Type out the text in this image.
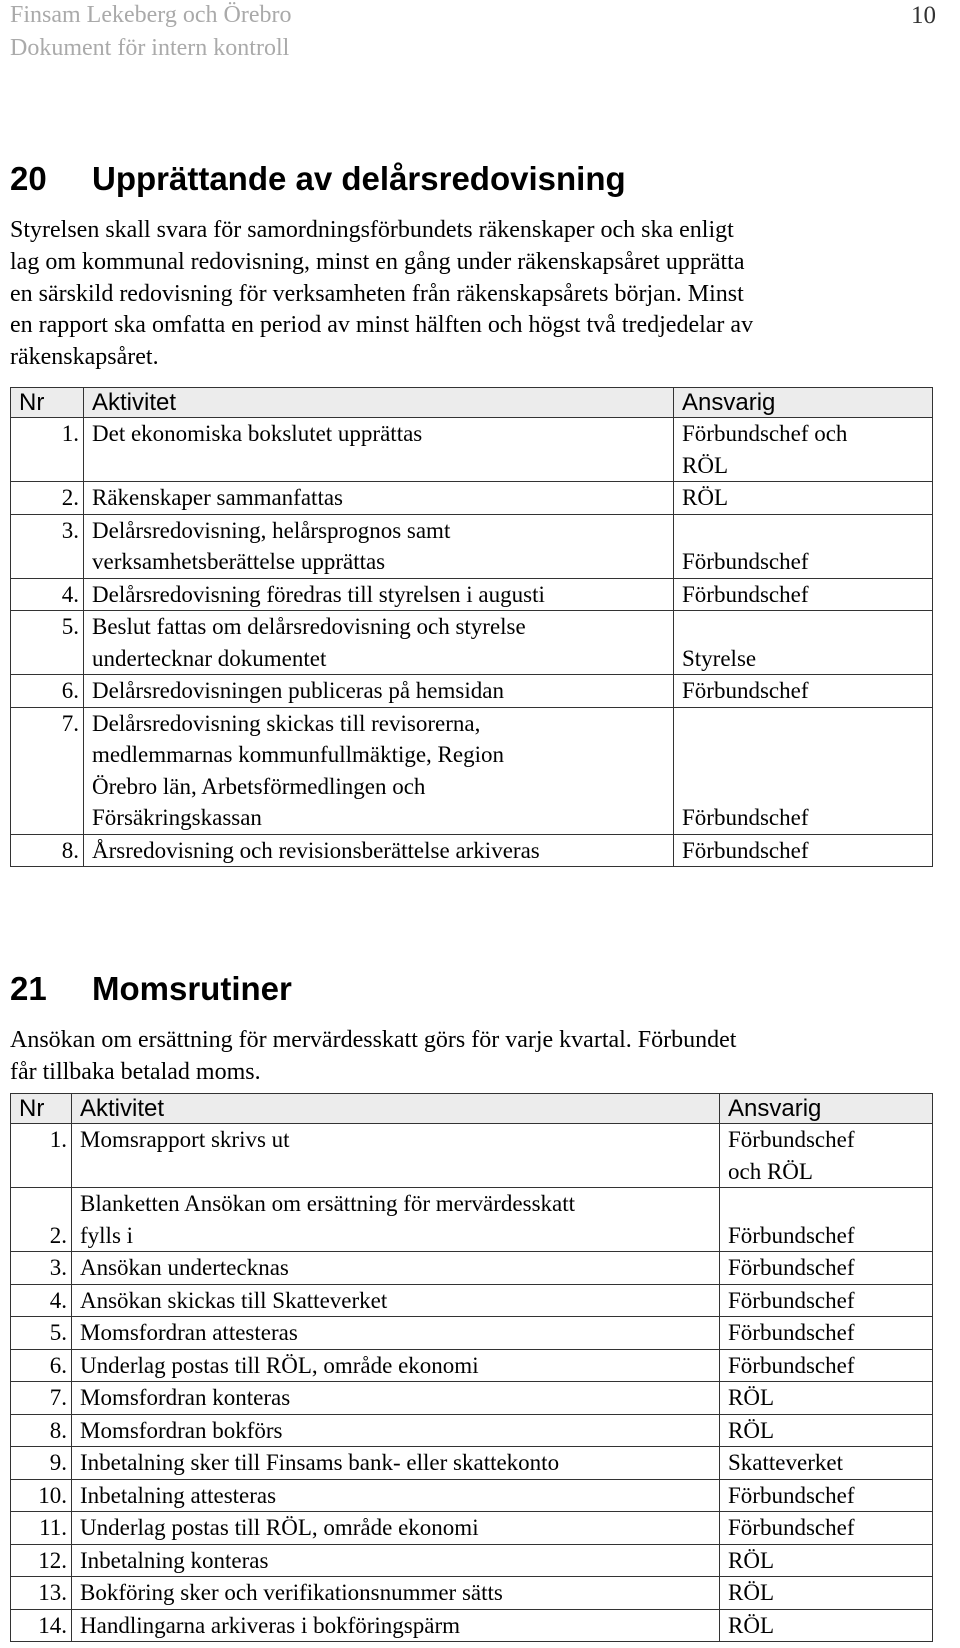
Finsam Lekeberg och Örebro
Dokument för intern kontroll
10
20 Upprättande av delårsredovisning
Styrelsen skall svara för samordningsförbundets räkenskaper och ska enligt
lag om kommunal redovisning, minst en gång under räkenskapsåret upprätta
en särskild redovisning för verksamheten från räkenskapsårets början. Minst
en rapport ska omfatta en period av minst hälften och högst två tredjedelar av
räkenskapsåret.
Nr	Aktivitet	Ansvarig
1.	Det ekonomiska bokslutet upprättas	Förbundschef och
RÖL

2.	Räkenskaper sammanfattas	RÖL

3.	Delårsredovisning, helårsprognos samt
verksamhetsberättelse upprättas	Förbundschef

4.	Delårsredovisning föredras till styrelsen i augusti	Förbundschef

5.	Beslut fattas om delårsredovisning och styrelse
undertecknar dokumentet	Styrelse

6.	Delårsredovisningen publiceras på hemsidan	Förbundschef

7.	Delårsredovisning skickas till revisorerna,
medlemmarnas kommunfullmäktige, Region
Örebro län, Arbetsförmedlingen och
Försäkringskassan	Förbundschef

8.	Årsredovisning och revisionsberättelse arkiveras	Förbundschef
21 Momsrutiner
Ansökan om ersättning för mervärdesskatt görs för varje kvartal. Förbundet
får tillbaka betalad moms.
Nr	Aktivitet	Ansvarig
1.	Momsrapport skrivs ut	Förbundschef
och RÖL

2.	Blanketten Ansökan om ersättning för mervärdesskatt
fylls i	Förbundschef

3.	Ansökan undertecknas	Förbundschef

4.	Ansökan skickas till Skatteverket	Förbundschef

5.	Momsfordran attesteras	Förbundschef

6.	Underlag postas till RÖL, område ekonomi	Förbundschef

7.	Momsfordran konteras	RÖL

8.	Momsfordran bokförs	RÖL

9.	Inbetalning sker till Finsams bank- eller skattekonto	Skatteverket

10.	Inbetalning attesteras	Förbundschef

11.	Underlag postas till RÖL, område ekonomi	Förbundschef

12.	Inbetalning konteras	RÖL

13.	Bokföring sker och verifikationsnummer sätts	RÖL

14.	Handlingarna arkiveras i bokföringspärm	RÖL
